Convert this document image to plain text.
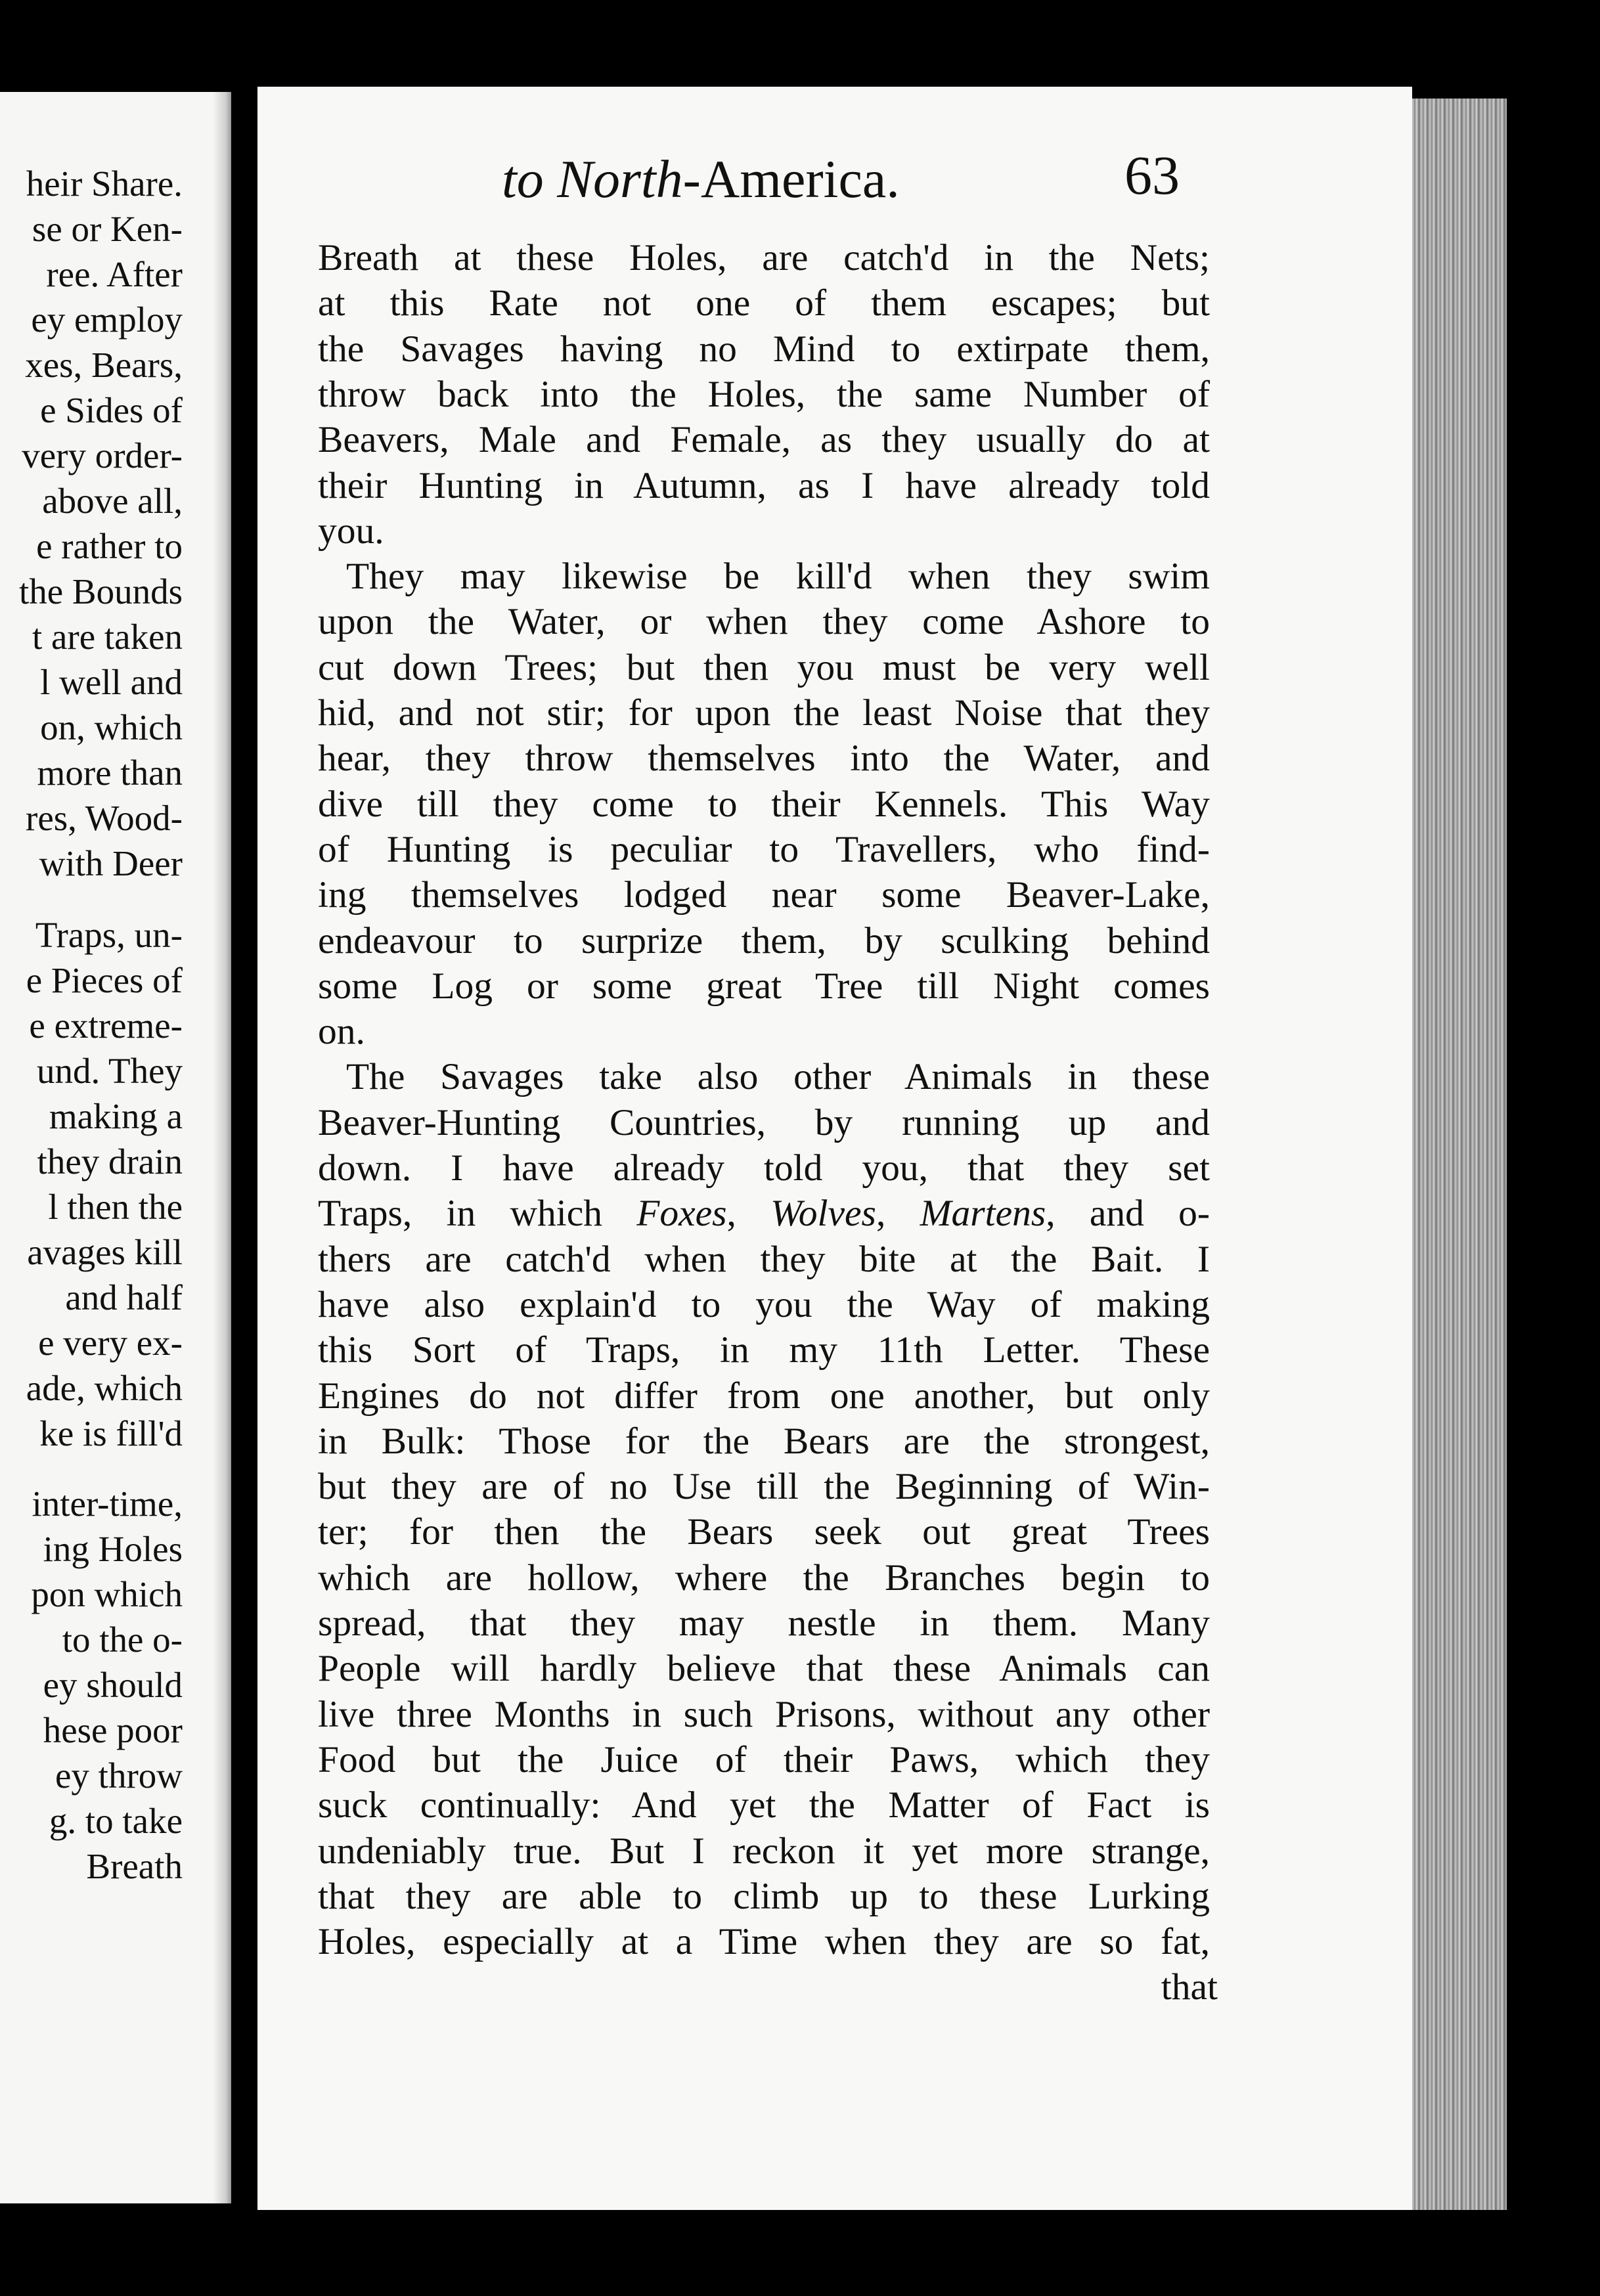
heir Share.
se or Ken-
ree. After
ey employ
xes, Bears,
e Sides of
very order-
above all,
e rather to
the Bounds
t are taken
l well and
on, which
more than
res, Wood-
with Deer
Traps, un-
e Pieces of
e extreme-
und. They
making a
they drain
l then the
avages kill
and half
e very ex-
ade, which
ke is fill'd
inter-time,
ing Holes
pon which
to the o-
ey should
hese poor
ey throw
g. to take
Breath
to North-America.	63
Breath at these Holes, are catch'd in the Nets;
at this Rate not one of them escapes; but
the Savages having no Mind to extirpate them,
throw back into the Holes, the same Number of
Beavers, Male and Female, as they usually do at
their Hunting in Autumn, as I have already told
you.
They may likewise be kill'd when they swim
upon the Water, or when they come Ashore to
cut down Trees; but then you must be very well
hid, and not stir; for upon the least Noise that they
hear, they throw themselves into the Water, and
dive till they come to their Kennels. This Way
of Hunting is peculiar to Travellers, who find-
ing themselves lodged near some Beaver-Lake,
endeavour to surprize them, by sculking behind
some Log or some great Tree till Night comes
on.
The Savages take also other Animals in these
Beaver-Hunting Countries, by running up and
down. I have already told you, that they set
Traps, in which Foxes, Wolves, Martens, and o-
thers are catch'd when they bite at the Bait. I
have also explain'd to you the Way of making
this Sort of Traps, in my 11th Letter. These
Engines do not differ from one another, but only
in Bulk: Those for the Bears are the strongest,
but they are of no Use till the Beginning of Win-
ter; for then the Bears seek out great Trees
which are hollow, where the Branches begin to
spread, that they may nestle in them. Many
People will hardly believe that these Animals can
live three Months in such Prisons, without any other
Food but the Juice of their Paws, which they
suck continually: And yet the Matter of Fact is
undeniably true. But I reckon it yet more strange,
that they are able to climb up to these Lurking
Holes, especially at a Time when they are so fat,
that
